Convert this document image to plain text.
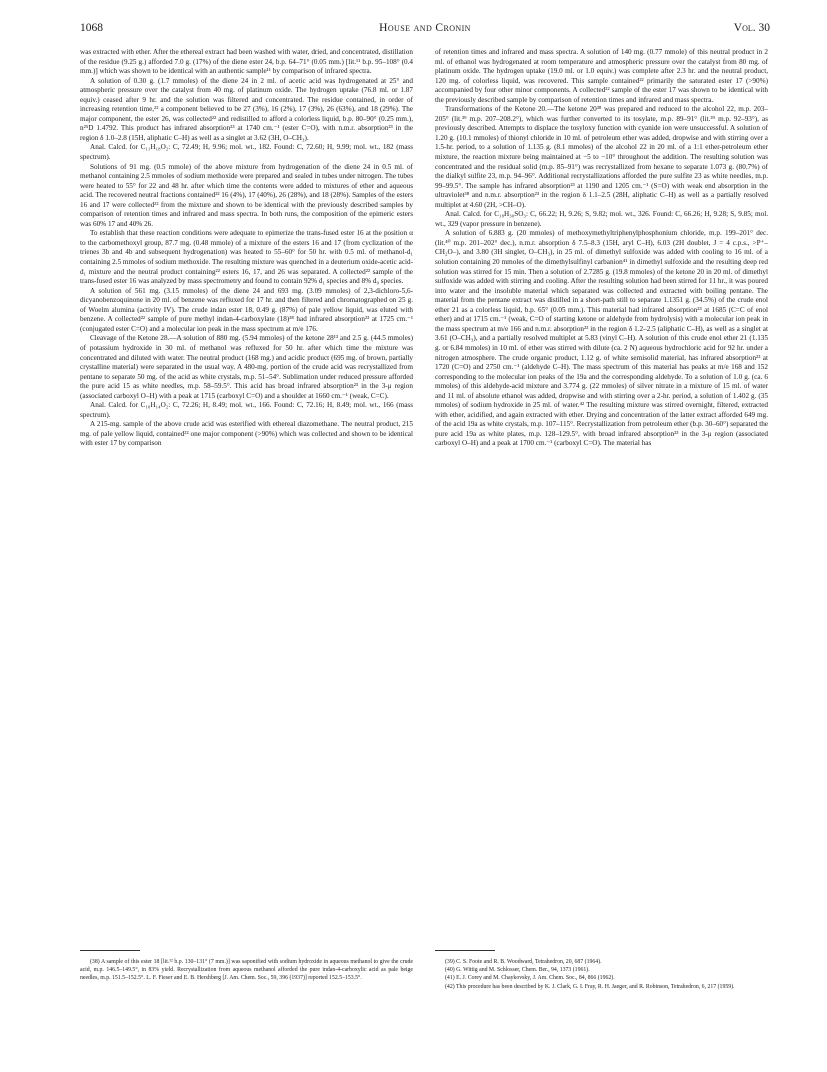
1068	House and Cronin	Vol. 30

was extracted with ether. After the ethereal extract had been washed with water, dried, and concentrated, distillation of the residue (9.25 g.) afforded 7.0 g. (17%) of the diene ester 24, b.p. 64–71° (0.05 mm.) [lit.¹¹ b.p. 95–108° (0.4 mm.)] which was shown to be identical with an authentic sample¹¹ by comparison of infrared spectra.

A solution of 0.30 g. (1.7 mmoles) of the diene 24 in 2 ml. of acetic acid was hydrogenated at 25° and atmospheric pressure over the catalyst from 40 mg. of platinum oxide. The hydrogen uptake (76.8 ml. or 1.87 equiv.) ceased after 9 hr. and the solution was filtered and concentrated. The residue contained, in order of increasing retention time,²² a component believed to be 27 (3%), 16 (2%), 17 (3%), 26 (63%), and 18 (29%). The major component, the ester 26, was collected²² and redistilled to afford a colorless liquid, b.p. 80–90° (0.25 mm.), n²⁵D 1.4792. This product has infrared absorption²³ at 1740 cm.⁻¹ (ester C=O), with n.m.r. absorption²³ in the region δ 1.0–2.8 (15H, aliphatic C–H) as well as a singlet at 3.62 (3H, O–CH₃).

Anal. Calcd. for C₁₁H₁₈O₂: C, 72.49; H, 9.96; mol. wt., 182. Found: C, 72.60; H, 9.99; mol. wt., 182 (mass spectrum).

Solutions of 91 mg. (0.5 mmole) of the above mixture from hydrogenation of the diene 24 in 0.5 ml. of methanol containing 2.5 mmoles of sodium methoxide were prepared and sealed in tubes under nitrogen. The tubes were heated to 55° for 22 and 48 hr. after which time the contents were added to mixtures of ether and aqueous acid. The recovered neutral fractions contained²² 16 (4%), 17 (40%), 26 (28%), and 18 (28%). Samples of the esters 16 and 17 were collected²² from the mixture and shown to be identical with the previously described samples by comparison of retention times and infrared and mass spectra. In both runs, the composition of the epimeric esters was 60% 17 and 40% 26.

To establish that these reaction conditions were adequate to epimerize the trans-fused ester 16 at the position α to the carbomethoxyl group, 87.7 mg. (0.48 mmole) of a mixture of the esters 16 and 17 (from cyclization of the trienes 3b and 4b and subsequent hydrogenation) was heated to 55–60° for 50 hr. with 0.5 ml. of methanol-d₁ containing 2.5 mmoles of sodium methoxide. The resulting mixture was quenched in a deuterium oxide-acetic acid-d₁ mixture and the neutral product containing²² esters 16, 17, and 26 was separated. A collected²² sample of the trans-fused ester 16 was analyzed by mass spectrometry and found to contain 92% d₁ species and 8% d₀ species.

A solution of 561 mg. (3.15 mmoles) of the diene 24 and 693 mg. (3.09 mmoles) of 2,3-dichloro-5,6-dicyanobenzoquinone in 20 ml. of benzene was refluxed for 17 hr. and then filtered and chromatographed on 25 g. of Woelm alumina (activity IV). The crude indan ester 18, 0.49 g. (87%) of pale yellow liquid, was eluted with benzene. A collected²² sample of pure methyl indan-4-carboxylate (18)³⁸ had infrared absorption²³ at 1725 cm.⁻¹ (conjugated ester C=O) and a molecular ion peak in the mass spectrum at m/e 176.

Cleavage of the Ketone 28.—A solution of 880 mg. (5.94 mmoles) of the ketone 28¹³ and 2.5 g. (44.5 mmoles) of potassium hydroxide in 30 ml. of methanol was refluxed for 50 hr. after which time the mixture was concentrated and diluted with water. The neutral product (168 mg.) and acidic product (695 mg. of brown, partially crystalline material) were separated in the usual way. A 480-mg. portion of the crude acid was recrystallized from pentane to separate 50 mg. of the acid as white crystals, m.p. 51–54°. Sublimation under reduced pressure afforded the pure acid 15 as white needles, m.p. 58–59.5°. This acid has broad infrared absorption²³ in the 3-μ region (associated carboxyl O–H) with a peak at 1715 (carboxyl C=O) and a shoulder at 1660 cm.⁻¹ (weak, C=C).

Anal. Calcd. for C₁₀H₁₄O₂: C, 72.26; H, 8.49; mol. wt., 166. Found: C, 72.16; H, 8.49; mol. wt., 166 (mass spectrum).

A 215-mg. sample of the above crude acid was esterified with ethereal diazomethane. The neutral product, 215 mg. of pale yellow liquid, contained²² one major component (>90%) which was collected and shown to be identical with ester 17 by comparison

of retention times and infrared and mass spectra. A solution of 140 mg. (0.77 mmole) of this neutral product in 2 ml. of ethanol was hydrogenated at room temperature and atmospheric pressure over the catalyst from 80 mg. of platinum oxide. The hydrogen uptake (19.0 ml. or 1.0 equiv.) was complete after 2.3 hr. and the neutral product, 120 mg. of colorless liquid, was recovered. This sample contained²² primarily the saturated ester 17 (>90%) accompanied by four other minor components. A collected²² sample of the ester 17 was shown to be identical with the previously described sample by comparison of retention times and infrared and mass spectra.

Transformations of the Ketone 20.—The ketone 20³⁸ was prepared and reduced to the alcohol 22, m.p. 203–205° (lit.³⁹ m.p. 207–208.2°), which was further converted to its tosylate, m.p. 89–91° (lit.³⁹ m.p. 92–93°), as previously described. Attempts to displace the tosyloxy function with cyanide ion were unsuccessful. A solution of 1.20 g. (10.1 mmoles) of thionyl chloride in 10 ml. of petroleum ether was added, dropwise and with stirring over a 1.5-hr. period, to a solution of 1.135 g. (8.1 mmoles) of the alcohol 22 in 20 ml. of a 1:1 ether-petroleum ether mixture, the reaction mixture being maintained at −5 to −10° throughout the addition. The resulting solution was concentrated and the residual solid (m.p. 85–91°) was recrystallized from hexane to separate 1.073 g. (80.7%) of the dialkyl sulfite 23, m.p. 94–96°. Additional recrystallizations afforded the pure sulfite 23 as white needles, m.p. 99–99.5°. The sample has infrared absorption²³ at 1190 and 1205 cm.⁻¹ (S=O) with weak end absorption in the ultraviolet³⁸ and n.m.r. absorption²³ in the region δ 1.1–2.5 (28H, aliphatic C–H) as well as a partially resolved multiplet at 4.60 (2H, >CH–O).

Anal. Calcd. for C₁₈H₃₀SO₃: C, 66.22; H, 9.26; S, 9.82; mol. wt., 326. Found: C, 66.26; H, 9.28; S, 9.85; mol. wt., 329 (vapor pressure in benzene).

A solution of 6.883 g. (20 mmoles) of methoxymethyltriphenylphosphonium chloride, m.p. 199–201° dec. (lit.⁴⁰ m.p. 201–202° dec.), n.m.r. absorption δ 7.5–8.3 (15H, aryl C–H), 6.03 (2H doublet, J = 4 c.p.s., >P⁺–CH₂O–), and 3.80 (3H singlet, O–CH₃), in 25 ml. of dimethyl sulfoxide was added with cooling to 16 ml. of a solution containing 20 mmoles of the dimethylsulfinyl carbanion⁴¹ in dimethyl sulfoxide and the resulting deep red solution was stirred for 15 min. Then a solution of 2.7285 g. (19.8 mmoles) of the ketone 20 in 20 ml. of dimethyl sulfoxide was added with stirring and cooling. After the resulting solution had been stirred for 11 hr., it was poured into water and the insoluble material which separated was collected and extracted with boiling pentane. The material from the pentane extract was distilled in a short-path still to separate 1.1351 g. (34.5%) of the crude enol ether 21 as a colorless liquid, b.p. 65° (0.05 mm.). This material had infrared absorption²³ at 1685 (C=C of enol ether) and at 1715 cm.⁻¹ (weak, C=O of starting ketone or aldehyde from hydrolysis) with a molecular ion peak in the mass spectrum at m/e 166 and n.m.r. absorption²³ in the region δ 1.2–2.5 (aliphatic C–H), as well as a singlet at 3.61 (O–CH₃), and a partially resolved multiplet at 5.83 (vinyl C–H). A solution of this crude enol ether 21 (1.135 g. or 6.84 mmoles) in 10 ml. of ether was stirred with dilute (ca. 2 N) aqueous hydrochloric acid for 92 hr. under a nitrogen atmosphere. The crude organic product, 1.12 g. of white semisolid material, has infrared absorption²³ at 1720 (C=O) and 2750 cm.⁻¹ (aldehyde C–H). The mass spectrum of this material has peaks at m/e 168 and 152 corresponding to the molecular ion peaks of the 19a and the corresponding aldehyde. To a solution of 1.0 g. (ca. 6 mmoles) of this aldehyde-acid mixture and 3.774 g. (22 mmoles) of silver nitrate in a mixture of 15 ml. of water and 11 ml. of absolute ethanol was added, dropwise and with stirring over a 2-hr. period, a solution of 1.402 g. (35 mmoles) of sodium hydroxide in 25 ml. of water.⁴² The resulting mixture was stirred overnight, filtered, extracted with ether, acidified, and again extracted with ether. Drying and concentration of the latter extract afforded 649 mg. of the acid 19a as white crystals, m.p. 107–115°. Recrystallization from petroleum ether (b.p. 30–60°) separated the pure acid 19a as white plates, m.p. 128–129.5°, with broad infrared absorption²³ in the 3-μ region (associated carboxyl O–H) and a peak at 1700 cm.⁻¹ (carboxyl C=O). The material has

(38) A sample of this ester 18 [lit.¹² b.p. 130–131° (7 mm.)] was saponified with sodium hydroxide in aqueous methanol to give the crude acid, m.p. 146.5–149.5°, in 83% yield. Recrystallization from aqueous methanol afforded the pure indan-4-carboxylic acid as pale beige needles, m.p. 151.5–152.5°. L. F. Fieser and E. B. Hershberg [J. Am. Chem. Soc., 59, 396 (1937)] reported 152.5–153.5°.

(39) C. S. Foote and R. B. Woodward, Tetrahedron, 20, 687 (1964).

(40) G. Wittig and M. Schlosser, Chem. Ber., 94, 1373 (1961).

(41) E. J. Corey and M. Chaykovsky, J. Am. Chem. Soc., 84, 866 (1962).

(42) This procedure has been described by K. J. Clark, G. I. Fray, R. H. Jaeger, and R. Robinson, Tetrahedron, 6, 217 (1959).
